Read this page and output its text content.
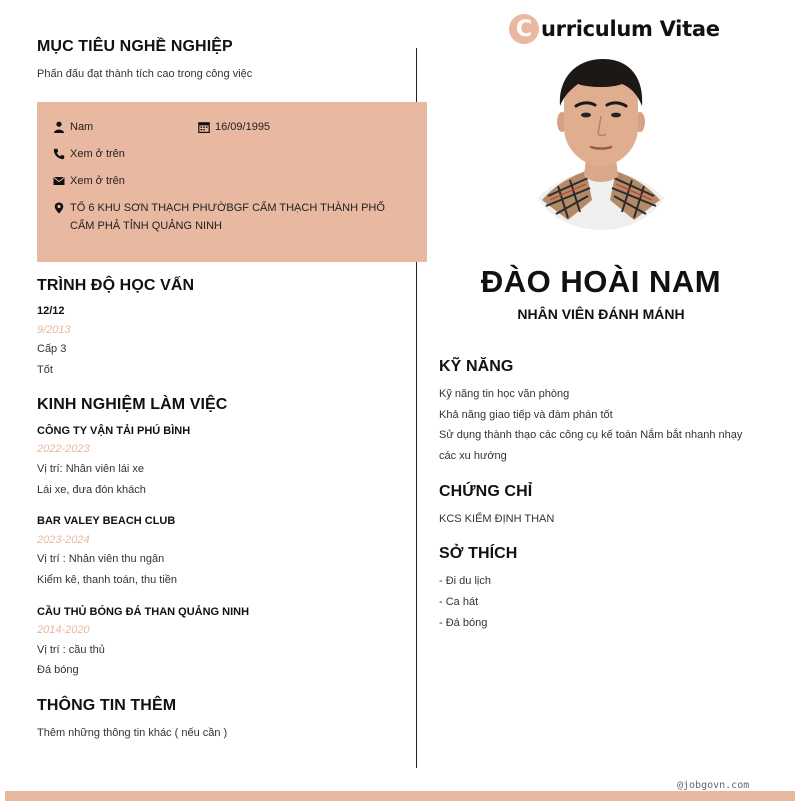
C urriculum Vitae
MỤC TIÊU NGHỀ NGHIỆP
Phấn đấu đạt thành tích cao trong công việc
Nam	16/09/1995
Xem ở trên
Xem ở trên
TỔ 6 KHU SƠN THẠCH PHƯỜBGF CẨM THẠCH THÀNH PHỐ
CẨM PHẢ TỈNH QUẢNG NINH
TRÌNH ĐỘ HỌC VẤN
12/12
9/2013
Cấp 3
Tốt
KINH NGHIỆM LÀM VIỆC
CÔNG TY VẬN TẢI PHÚ BÌNH
2022-2023
Vị trí: Nhân viên lái xe
Lái xe, đưa đón khách
BAR VALEY BEACH CLUB
2023-2024
Vị trí : Nhân viên thu ngân
Kiểm kê, thanh toán, thu tiền
CẦU THỦ BÓNG ĐÁ THAN QUẢNG NINH
2014-2020
Vị trí : cầu thủ
Đá bóng
THÔNG TIN THÊM
Thêm những thông tin khác ( nếu cần )
ĐÀO HOÀI NAM
NHÂN VIÊN ĐÁNH MÁNH
KỸ NĂNG
Kỹ năng tin học văn phòng
Khả năng giao tiếp và đàm phán tốt
Sử dụng thành thạo các công cụ kế toán Nắm bắt nhanh nhạy
các xu hướng
CHỨNG CHỈ
KCS KIỂM ĐỊNH THAN
SỞ THÍCH
- Đi du lịch
- Ca hát
- Đá bóng
@jobgovn.com
